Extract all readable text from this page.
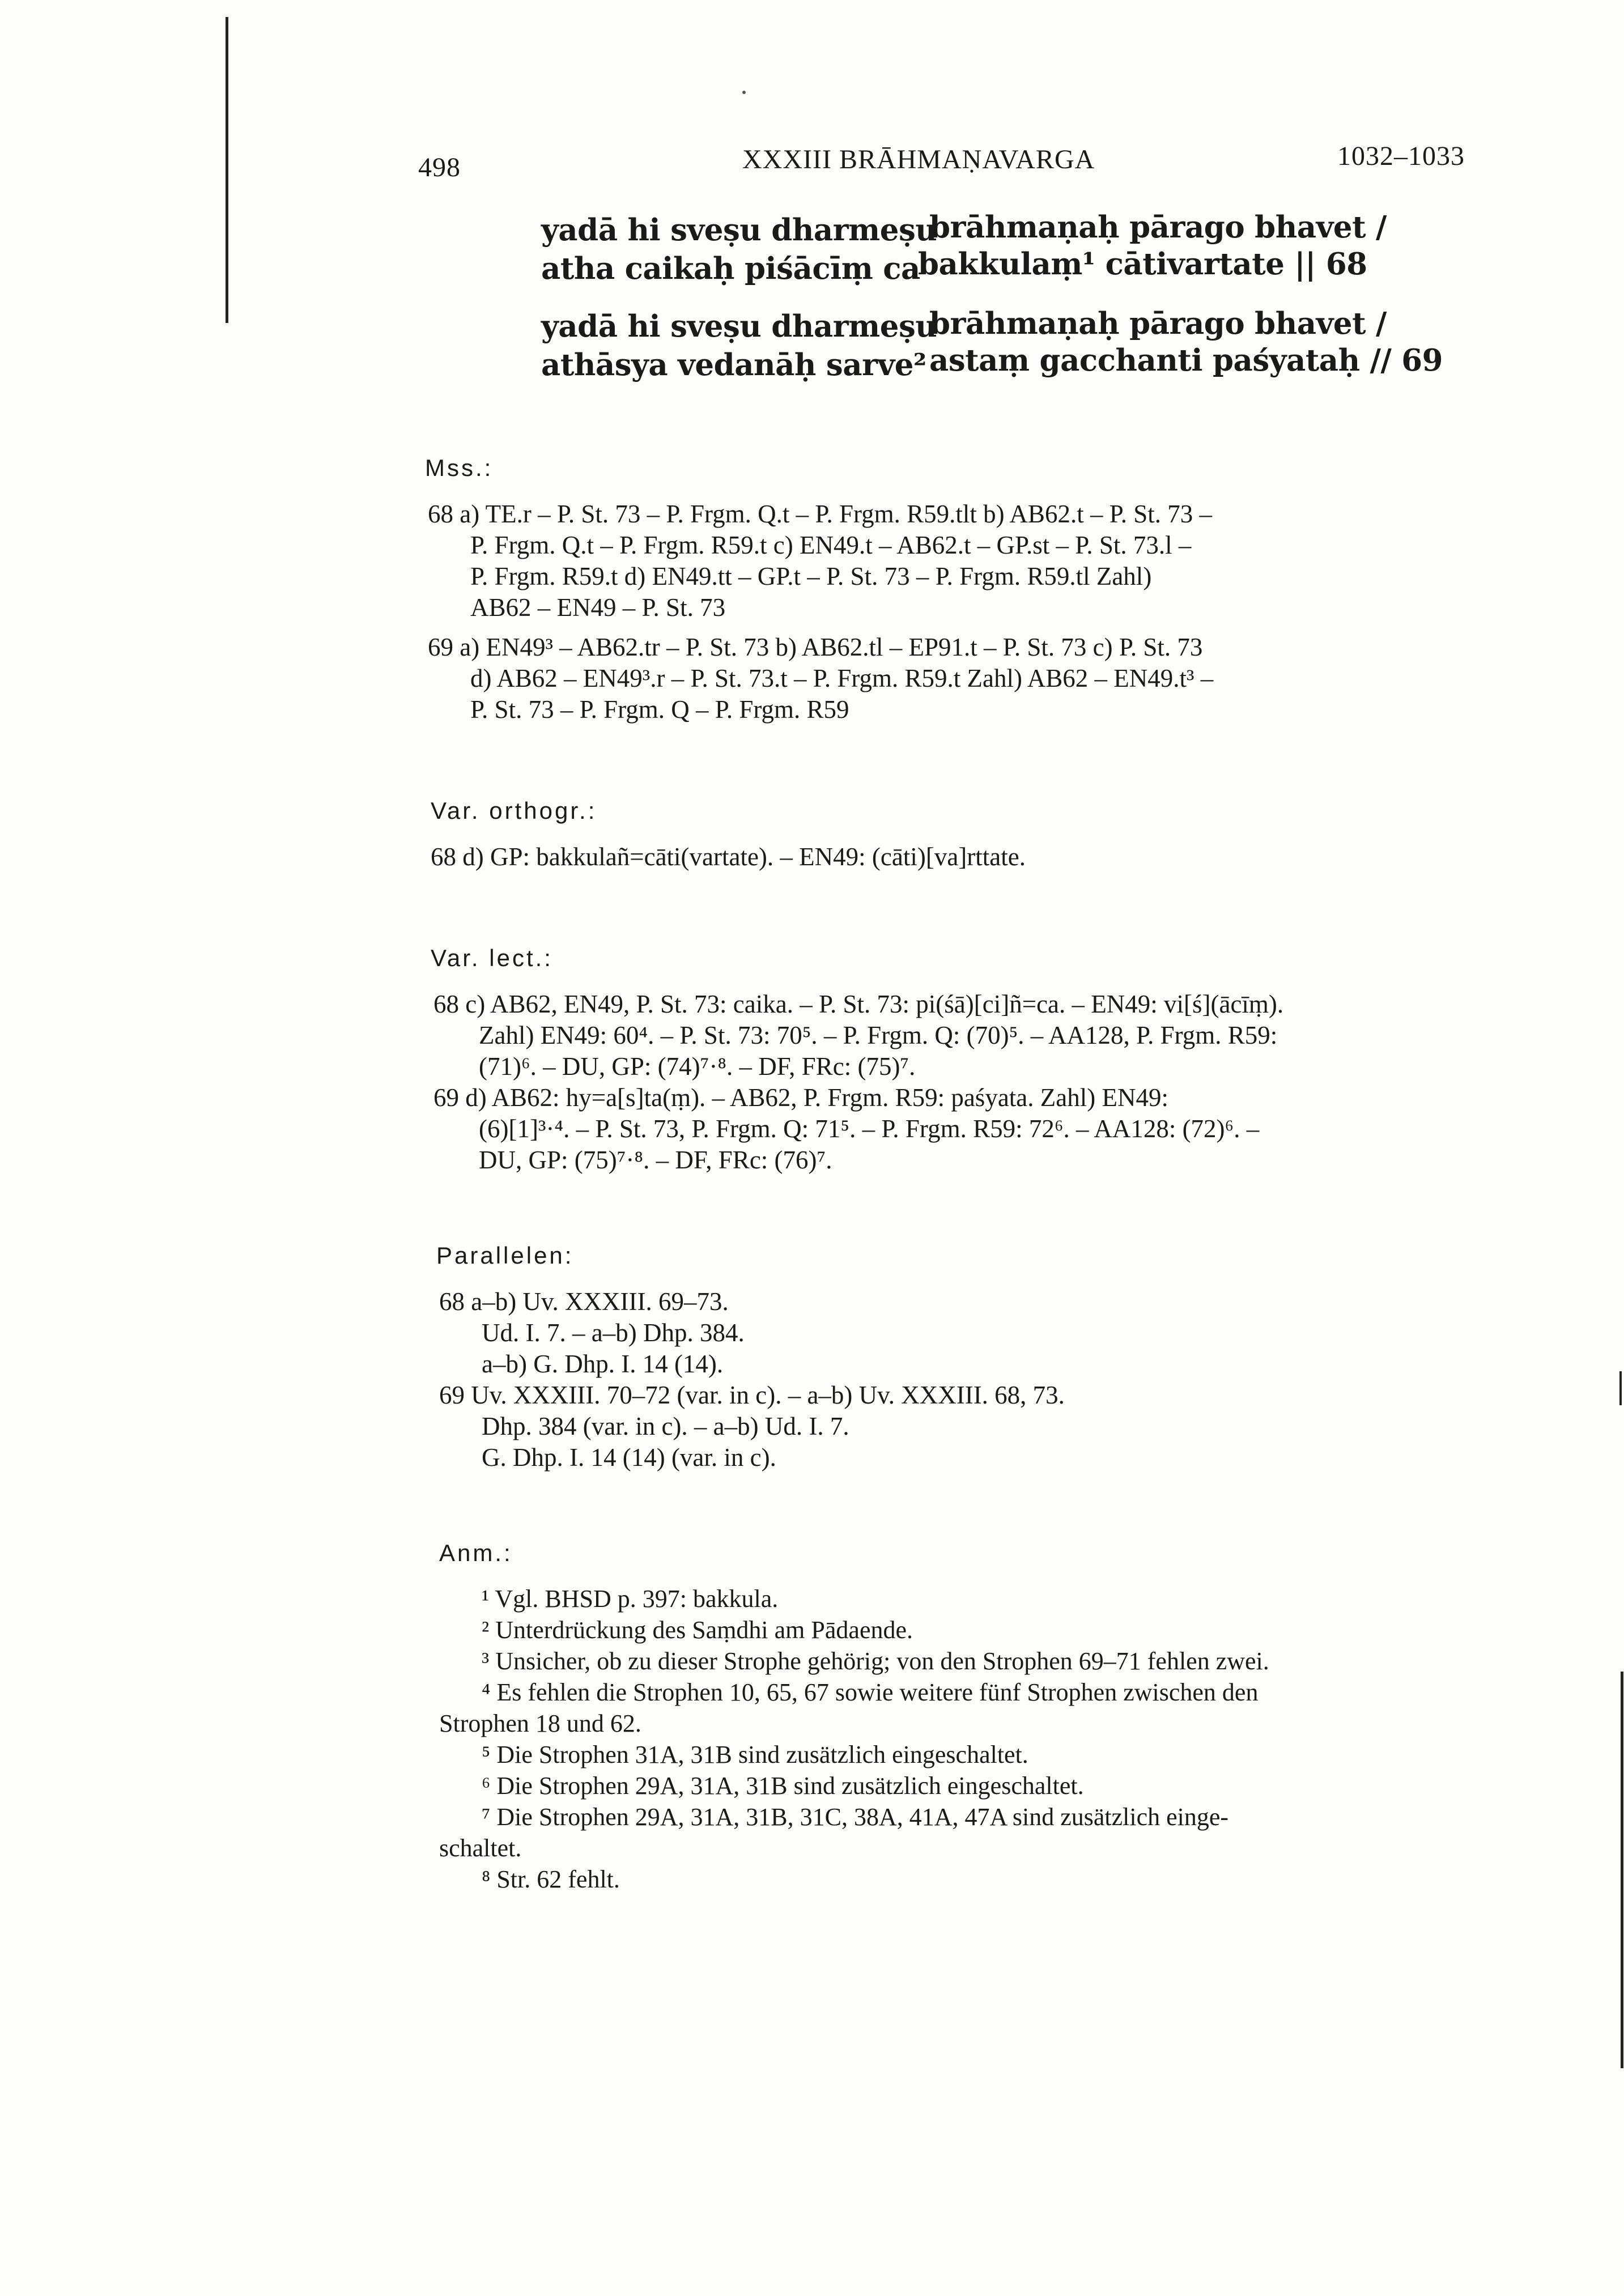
498	XXXIII BRĀHMAṆAVARGA	1032–1033
yadā hi sveṣu dharmeṣu
brāhmaṇaḥ pārago bhavet /
atha caikaḥ piśācīṃ ca
bakkulaṃ¹ cātivartate || 68
yadā hi sveṣu dharmeṣu
brāhmaṇaḥ pārago bhavet /
athāsya vedanāḥ sarve² astaṃ gacchanti paśyataḥ // 69
Mss.:
68 a) TE.r – P. St. 73 – P. Frgm. Q.t – P. Frgm. R59.tlt b) AB62.t – P. St. 73 –
P. Frgm. Q.t – P. Frgm. R59.t c) EN49.t – AB62.t – GP.st – P. St. 73.l –
P. Frgm. R59.t d) EN49.tt – GP.t – P. St. 73 – P. Frgm. R59.tl Zahl)
AB62 – EN49 – P. St. 73
69 a) EN49³ – AB62.tr – P. St. 73 b) AB62.tl – EP91.t – P. St. 73 c) P. St. 73
d) AB62 – EN49³.r – P. St. 73.t – P. Frgm. R59.t Zahl) AB62 – EN49.t³ –
P. St. 73 – P. Frgm. Q – P. Frgm. R59
Var. orthogr.:
68 d) GP: bakkulañ=cāti(vartate). – EN49: (cāti)[va]rttate.
Var. lect.:
68 c) AB62, EN49, P. St. 73: caika. – P. St. 73: pi(śā)[ci]ñ=ca. – EN49: vi[ś](ācīṃ).
Zahl) EN49: 60⁴. – P. St. 73: 70⁵. – P. Frgm. Q: (70)⁵. – AA128, P. Frgm. R59:
(71)⁶. – DU, GP: (74)⁷·⁸. – DF, FRc: (75)⁷.
69 d) AB62: hy=a[s]ta(ṃ). – AB62, P. Frgm. R59: paśyata. Zahl) EN49:
(6)[1]³·⁴. – P. St. 73, P. Frgm. Q: 71⁵. – P. Frgm. R59: 72⁶. – AA128: (72)⁶. –
DU, GP: (75)⁷·⁸. – DF, FRc: (76)⁷.
Parallelen:
68 a–b) Uv. XXXIII. 69–73.
Ud. I. 7. – a–b) Dhp. 384.
a–b) G. Dhp. I. 14 (14).
69 Uv. XXXIII. 70–72 (var. in c). – a–b) Uv. XXXIII. 68, 73.
Dhp. 384 (var. in c). – a–b) Ud. I. 7.
G. Dhp. I. 14 (14) (var. in c).
Anm.:
¹ Vgl. BHSD p. 397: bakkula.
² Unterdrückung des Saṃdhi am Pādaende.
³ Unsicher, ob zu dieser Strophe gehörig; von den Strophen 69–71 fehlen zwei.
⁴ Es fehlen die Strophen 10, 65, 67 sowie weitere fünf Strophen zwischen den
Strophen 18 und 62.
⁵ Die Strophen 31A, 31B sind zusätzlich eingeschaltet.
⁶ Die Strophen 29A, 31A, 31B sind zusätzlich eingeschaltet.
⁷ Die Strophen 29A, 31A, 31B, 31C, 38A, 41A, 47A sind zusätzlich einge-
schaltet.
⁸ Str. 62 fehlt.
